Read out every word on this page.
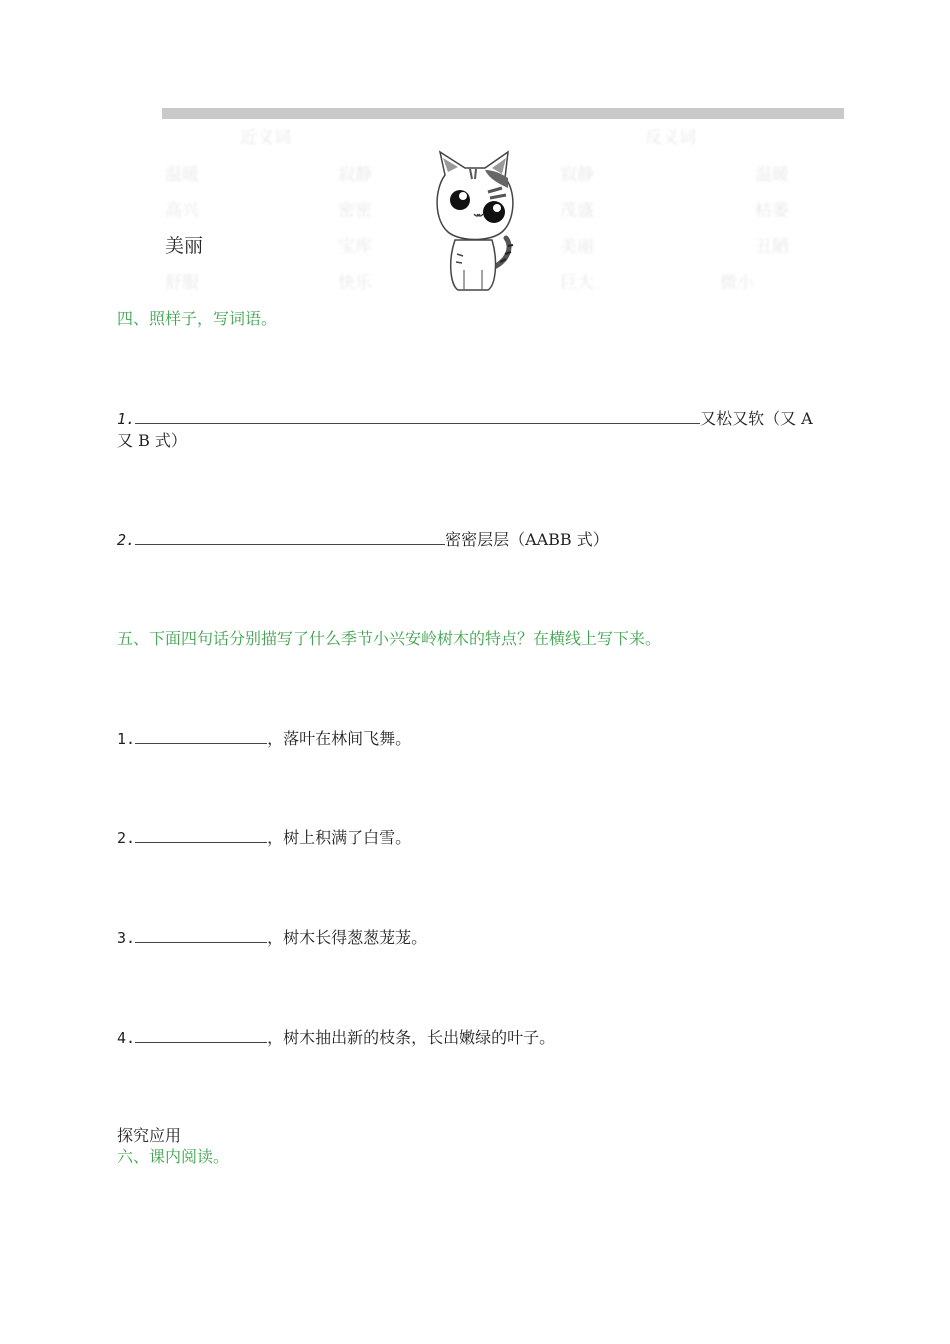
近义词	反义词
温暖	寂静	寂静	温暖
高兴	密密	茂盛	枯萎
美丽	宝库	美丽	丑陋
舒服	快乐	巨大	微小
四、照样子，写词语。
1.	又松又软（又 A
又 B 式）
2.	密密层层（AABB 式）
五、下面四句话分别描写了什么季节小兴安岭树木的特点？在横线上写下来。
1.	，落叶在林间飞舞。
2.	，树上积满了白雪。
3.	，树木长得葱葱茏茏。
4.	，树木抽出新的枝条，长出嫩绿的叶子。
探究应用
六、课内阅读。
